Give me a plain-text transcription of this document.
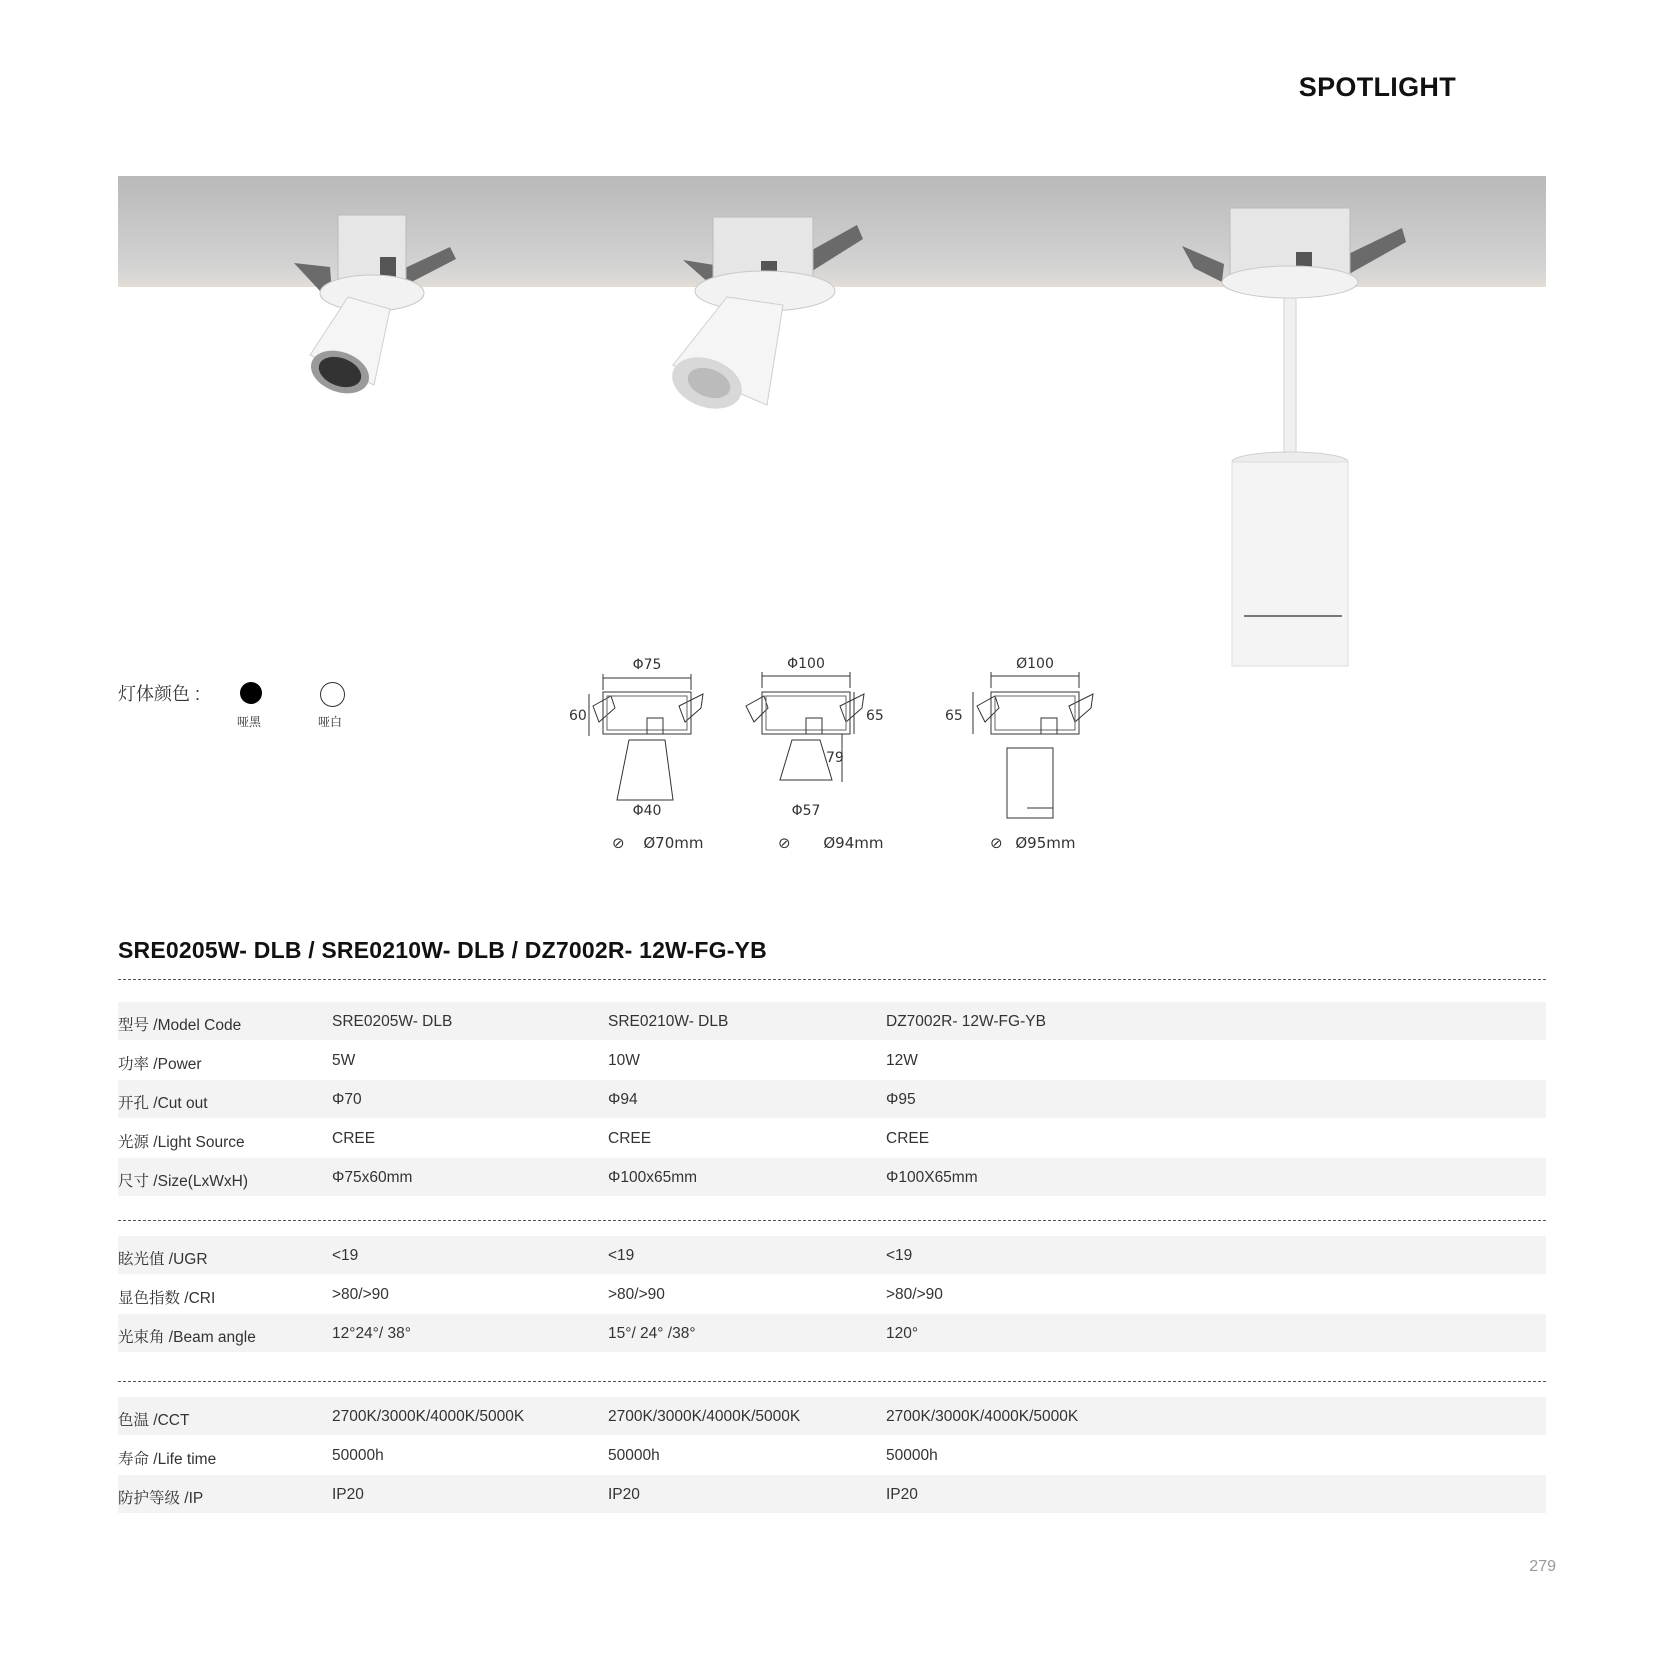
SPOTLIGHT
灯体颜色 :
哑黑	哑白
Φ75
60
Φ40
⊘ Ø70mm
Φ100
65
79
Φ57
⊘ Ø94mm
Ø100
65
⊘ Ø95mm
SRE0205W- DLB / SRE0210W- DLB / DZ7002R- 12W-FG-YB
型号 /Model Code	SRE0205W- DLB	SRE0210W- DLB	DZ7002R- 12W-FG-YB
功率 /Power	5W	10W	12W
开孔 /Cut out	Φ70	Φ94	Φ95
光源 /Light Source	CREE	CREE	CREE
尺寸 /Size(LxWxH)	Φ75x60mm	Φ100x65mm	Φ100X65mm
眩光值 /UGR	<19	<19	<19
显色指数 /CRI	>80/>90	>80/>90	>80/>90
光束角 /Beam angle	12°24°/ 38°	15°/ 24° /38°	120°
色温 /CCT	2700K/3000K/4000K/5000K	2700K/3000K/4000K/5000K	2700K/3000K/4000K/5000K
寿命 /Life time	50000h	50000h	50000h
防护等级 /IP	IP20	IP20	IP20
279
